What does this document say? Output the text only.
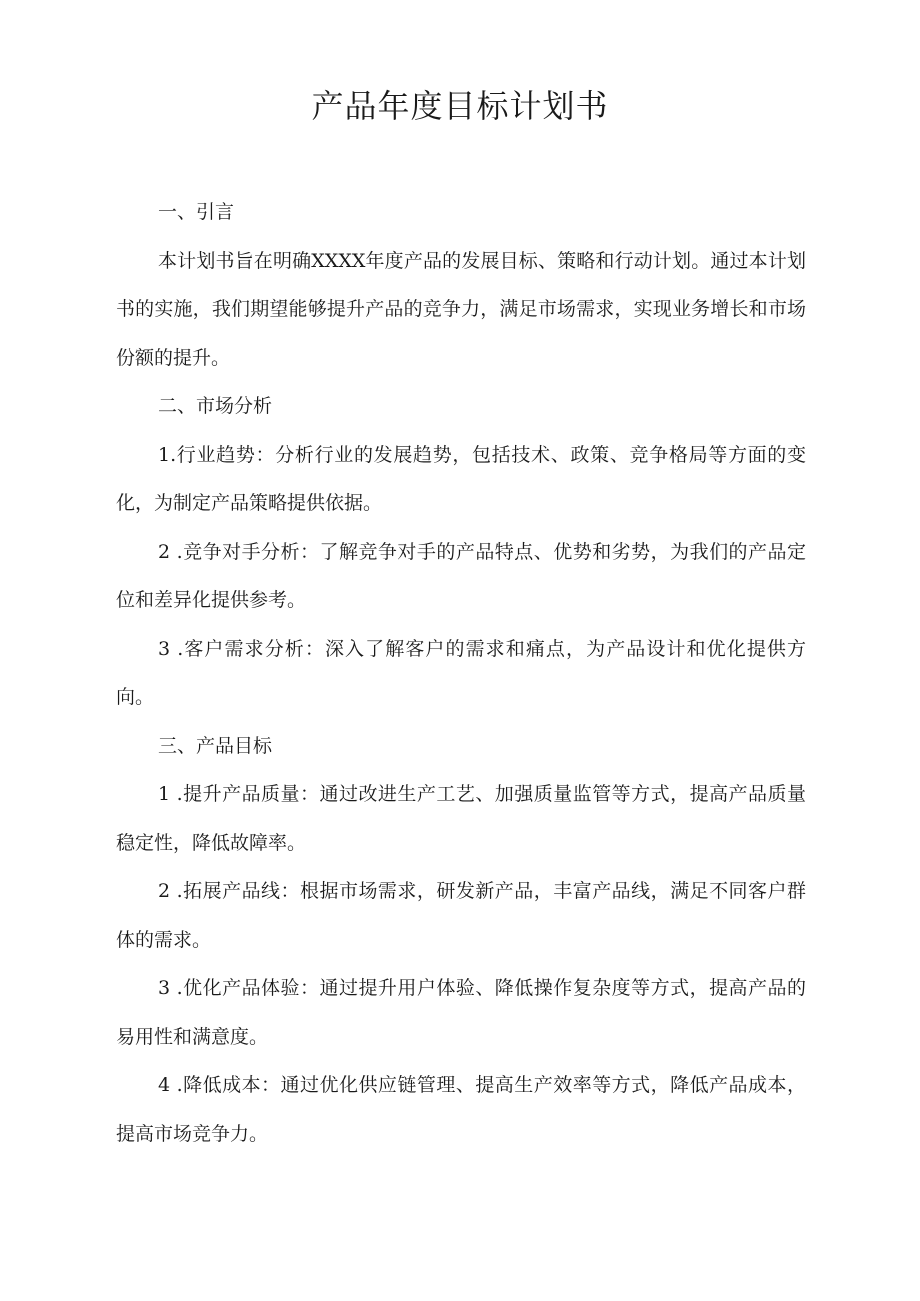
产品年度目标计划书

一、引言

本计划书旨在明确XXXX年度产品的发展目标、策略和行动计划。通过本计划书的实施，我们期望能够提升产品的竞争力，满足市场需求，实现业务增长和市场份额的提升。

二、市场分析

1.行业趋势：分析行业的发展趋势，包括技术、政策、竞争格局等方面的变化，为制定产品策略提供依据。

2 .竞争对手分析：了解竞争对手的产品特点、优势和劣势，为我们的产品定位和差异化提供参考。

3 .客户需求分析：深入了解客户的需求和痛点，为产品设计和优化提供方向。

三、产品目标

1 .提升产品质量：通过改进生产工艺、加强质量监管等方式，提高产品质量稳定性，降低故障率。

2 .拓展产品线：根据市场需求，研发新产品，丰富产品线，满足不同客户群体的需求。

3 .优化产品体验：通过提升用户体验、降低操作复杂度等方式，提高产品的易用性和满意度。

4 .降低成本：通过优化供应链管理、提高生产效率等方式，降低产品成本，提高市场竞争力。
